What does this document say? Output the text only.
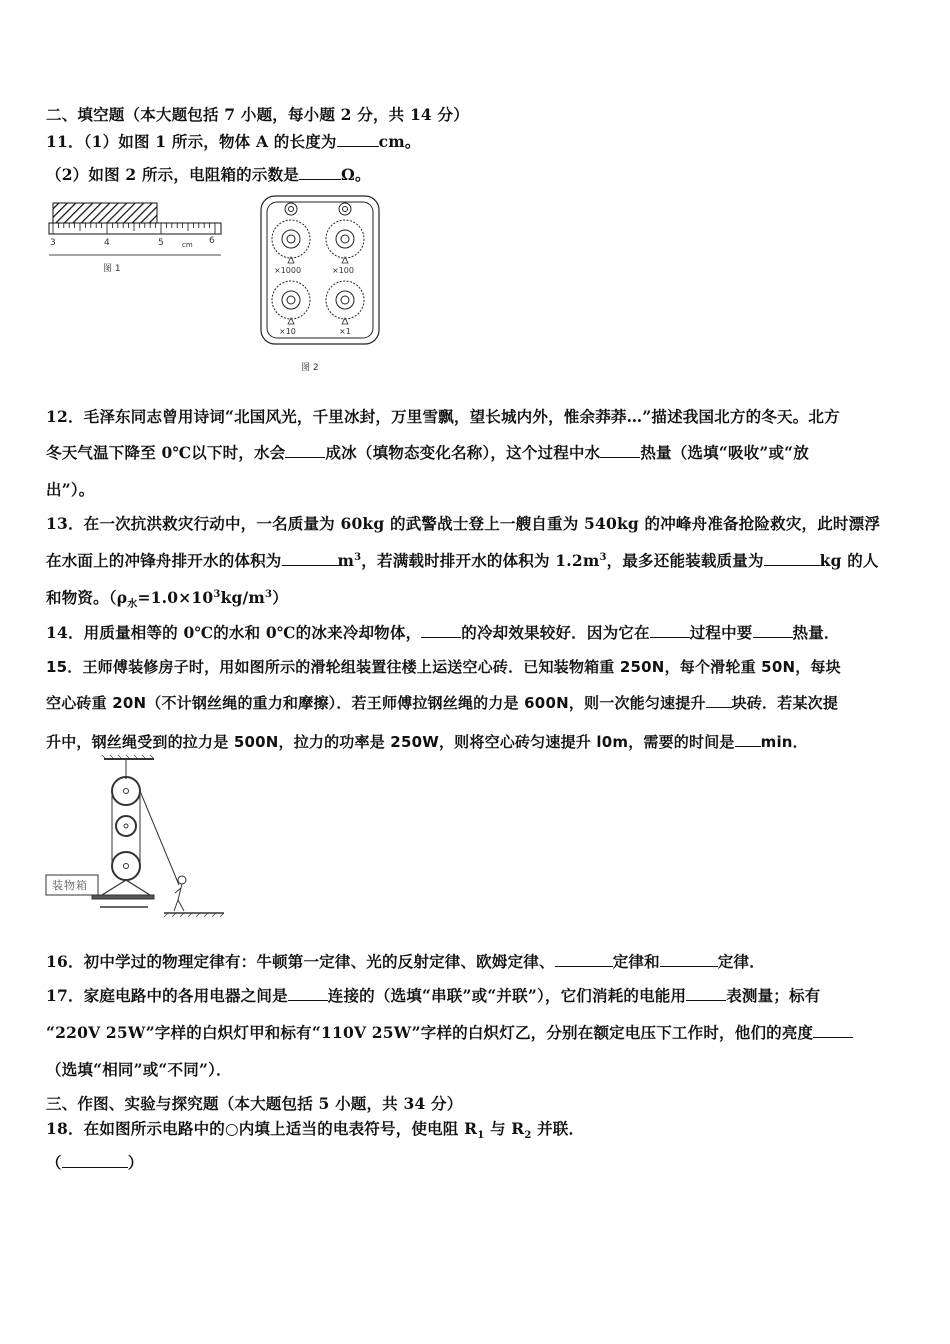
二、填空题（本大题包括 7 小题，每小题 2 分，共 14 分）
11．（1）如图 1 所示，物体 A 的长度为	cm。
（2）如图 2 所示，电阻箱的示数是	Ω。
3	4	5	cm 6
图 1	×1000	×100
×10	×1
图 2
12．毛泽东同志曾用诗词“北国风光，千里冰封，万里雪飘，望长城内外，惟余莽莽…”描述我国北方的冬天。北方
冬天气温下降至 0℃以下时，水会	成冰（填物态变化名称），这个过程中水	热量（选填“吸收”或“放
出”）。
13．在一次抗洪救灾行动中，一名质量为 60kg 的武警战士登上一艘自重为 540kg 的冲峰舟准备抢险救灾，此时漂浮
在水面上的冲锋舟排开水的体积为	$m^3$，若满载时排开水的体积为 $1.2m^3$，最多还能装载质量为	kg 的人
和物资。$(\rho_水=1.0\times 10^3kg/m^3)$
14．用质量相等的 0℃的水和 0℃的冰来冷却物体，	的冷却效果较好．因为它在	过程中要	热量．
15．王师傅装修房子时，用如图所示的滑轮组装置往楼上运送空心砖．已知装物箱重 250N，每个滑轮重 50N，每块
空心砖重 20N（不计钢丝绳的重力和摩擦）．若王师傅拉钢丝绳的力是 600N，则一次能匀速提升 块砖．若某次提
升中，钢丝绳受到的拉力是 500N，拉力的功率是 250W，则将空心砖匀速提升 l0m，需要的时间是 min．
装物箱
16．初中学过的物理定律有：牛顿第一定律、光的反射定律、欧姆定律、	定律和	定律．
17．家庭电路中的各用电器之间是	连接的（选填“串联”或“并联”），它们消耗的电能用	表测量；标有
“220V 25W”字样的白炽灯甲和标有“110V 25W”字样的白炽灯乙，分别在额定电压下工作时，他们的亮度
（选填“相同”或“不同”）．
三、作图、实验与探究题（本大题包括 5 小题，共 34 分）
18．在如图所示电路中的○内填上适当的电表符号，使电阻 $R_1$ 与 $R_2$ 并联．
（	）
